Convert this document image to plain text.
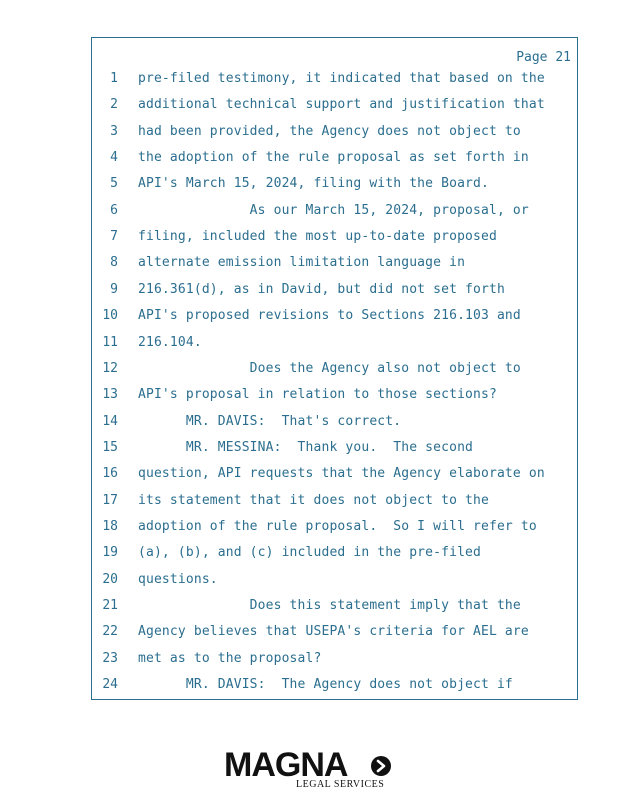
Page 21
1 pre-filed testimony, it indicated that based on the
2 additional technical support and justification that
3 had been provided, the Agency does not object to
4 the adoption of the rule proposal as set forth in
5 API's March 15, 2024, filing with the Board.
6 As our March 15, 2024, proposal, or
7 filing, included the most up-to-date proposed
8 alternate emission limitation language in
9 216.361(d), as in David, but did not set forth
10 API's proposed revisions to Sections 216.103 and
11 216.104.
12 Does the Agency also not object to
13 API's proposal in relation to those sections?
14 MR. DAVIS:  That's correct.
15 MR. MESSINA:  Thank you.  The second
16 question, API requests that the Agency elaborate on
17 its statement that it does not object to the
18 adoption of the rule proposal.  So I will refer to
19 (a), (b), and (c) included in the pre-filed
20 questions.
21 Does this statement imply that the
22 Agency believes that USEPA's criteria for AEL are
23 met as to the proposal?
24 MR. DAVIS:  The Agency does not object if
MAGNA
LEGAL SERVICES
